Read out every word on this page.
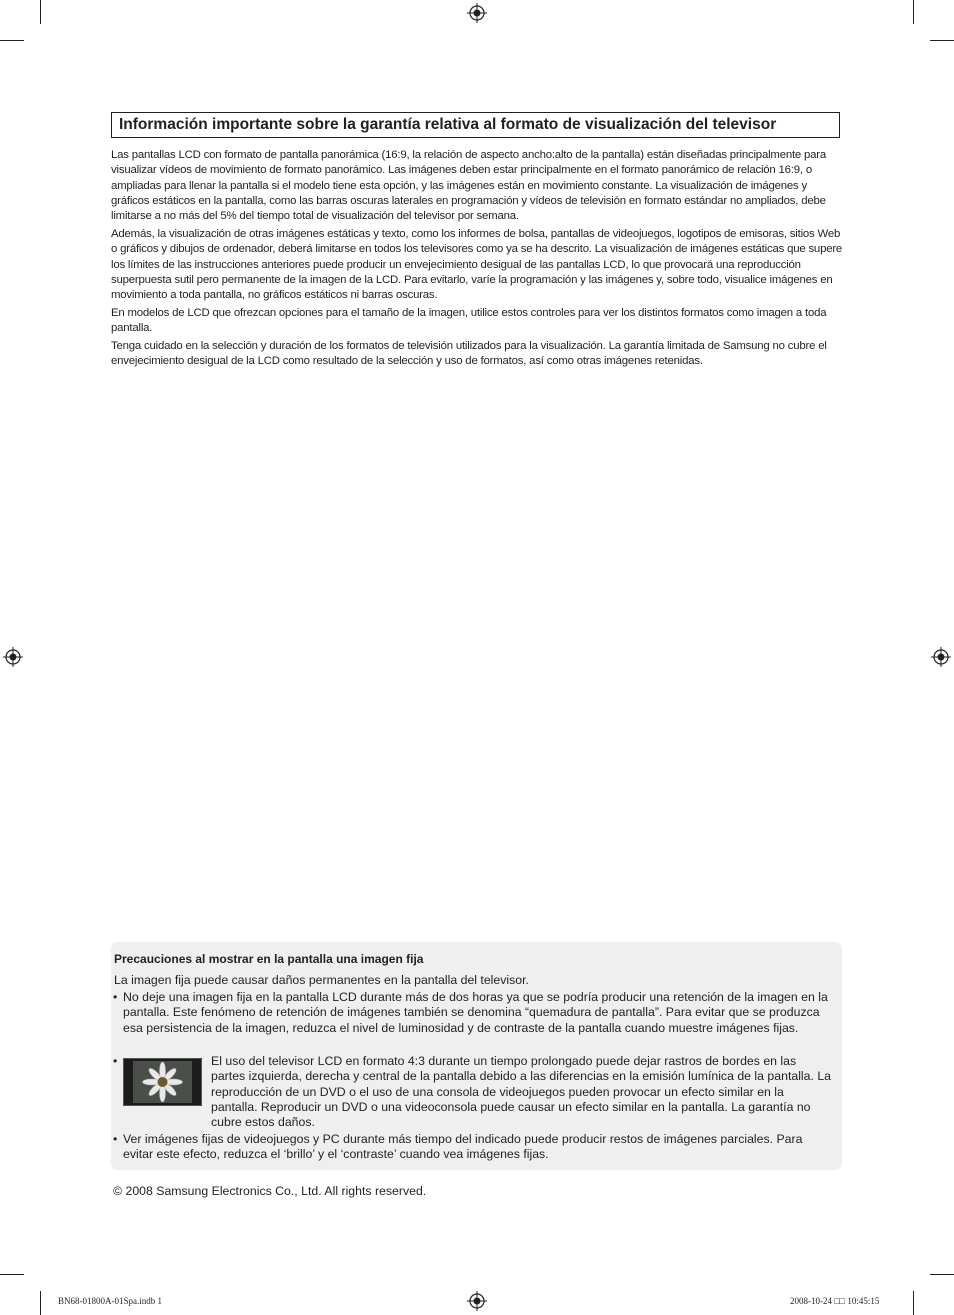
Información importante sobre la garantía relativa al formato de visualización del televisor

Las pantallas LCD con formato de pantalla panorámica (16:9, la relación de aspecto ancho:alto de la pantalla) están diseñadas principalmente para visualizar vídeos de movimiento de formato panorámico. Las imágenes deben estar principalmente en el formato panorámico de relación 16:9, o ampliadas para llenar la pantalla si el modelo tiene esta opción, y las imágenes están en movimiento constante. La visualización de imágenes y gráficos estáticos en la pantalla, como las barras oscuras laterales en programación y vídeos de televisión en formato estándar no ampliados, debe limitarse a no más del 5% del tiempo total de visualización del televisor por semana.

Además, la visualización de otras imágenes estáticas y texto, como los informes de bolsa, pantallas de videojuegos, logotipos de emisoras, sitios Web o gráficos y dibujos de ordenador, deberá limitarse en todos los televisores como ya se ha descrito. La visualización de imágenes estáticas que supere los límites de las instrucciones anteriores puede producir un envejecimiento desigual de las pantallas LCD, lo que provocará una reproducción superpuesta sutil pero permanente de la imagen de la LCD. Para evitarlo, varíe la programación y las imágenes y, sobre todo, visualice imágenes en movimiento a toda pantalla, no gráficos estáticos ni barras oscuras.

En modelos de LCD que ofrezcan opciones para el tamaño de la imagen, utilice estos controles para ver los distintos formatos como imagen a toda pantalla.

Tenga cuidado en la selección y duración de los formatos de televisión utilizados para la visualización. La garantía limitada de Samsung no cubre el envejecimiento desigual de la LCD como resultado de la selección y uso de formatos, así como otras imágenes retenidas.

Precauciones al mostrar en la pantalla una imagen fija
La imagen fija puede causar daños permanentes en la pantalla del televisor.
• No deje una imagen fija en la pantalla LCD durante más de dos horas ya que se podría producir una retención de la imagen en la pantalla. Este fenómeno de retención de imágenes también se denomina “quemadura de pantalla”. Para evitar que se produzca esa persistencia de la imagen, reduzca el nivel de luminosidad y de contraste de la pantalla cuando muestre imágenes fijas.
•	El uso del televisor LCD en formato 4:3 durante un tiempo prolongado puede dejar rastros de bordes en las partes izquierda, derecha y central de la pantalla debido a las diferencias en la emisión lumínica de la pantalla. La reproducción de un DVD o el uso de una consola de videojuegos pueden provocar un efecto similar en la pantalla. Reproducir un DVD o una videoconsola puede causar un efecto similar en la pantalla. La garantía no cubre estos daños.
• Ver imágenes fijas de videojuegos y PC durante más tiempo del indicado puede producir restos de imágenes parciales. Para evitar este efecto, reduzca el ‘brillo’ y el ‘contraste’ cuando vea imágenes fijas.
© 2008 Samsung Electronics Co., Ltd. All rights reserved.
BN68-01800A-01Spa.indb 1	2008-10-24 □□ 10:45:15
